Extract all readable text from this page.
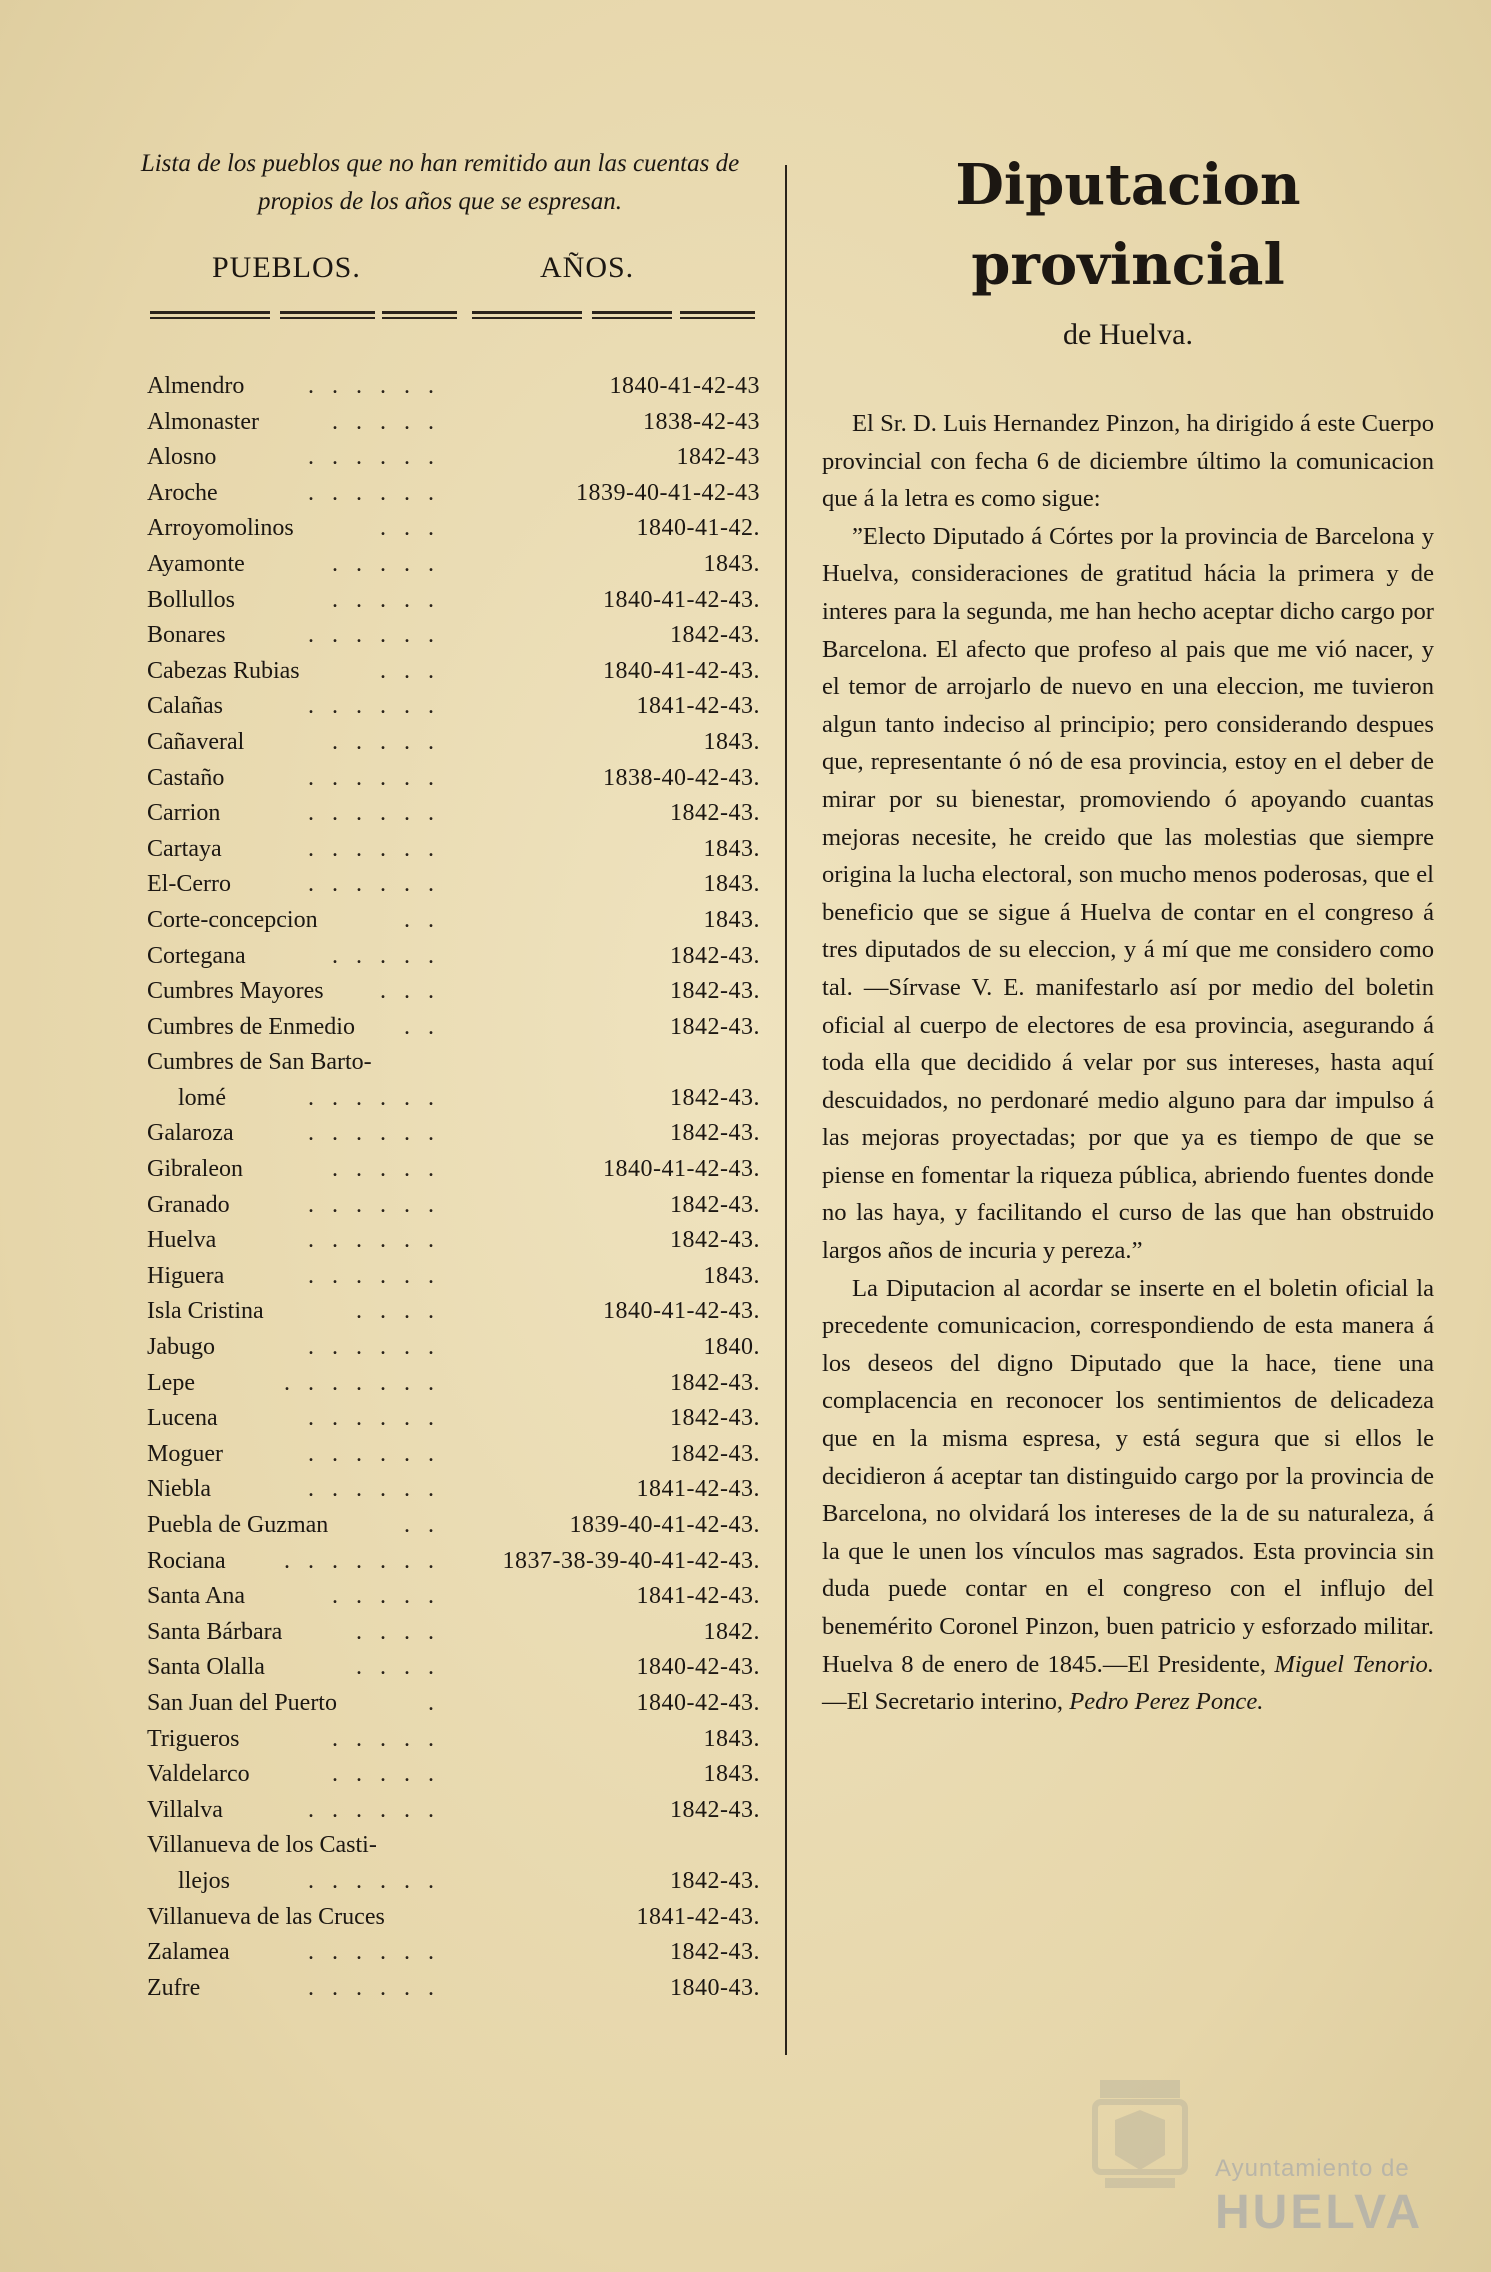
Lista de los pueblos que no han remitido aun las cuentas de propios de los años que se espresan.
PUEBLOS.	AÑOS.
. . . . . .
Almendro	1840-41-42-43
. . . . .
Almonaster	1838-42-43
. . . . . .
Alosno	1842-43
. . . . . .
Aroche	1839-40-41-42-43
. . .
Arroyomolinos	1840-41-42.
. . . . .
Ayamonte	1843.
. . . . .
Bollullos	1840-41-42-43.
. . . . . .
Bonares	1842-43.
. . .
Cabezas Rubias	1840-41-42-43.
. . . . . .
Calañas	1841-42-43.
. . . . .
Cañaveral	1843.
. . . . . .
Castaño	1838-40-42-43.
. . . . . .
Carrion	1842-43.
. . . . . .
Cartaya	1843.
. . . . . .
El-Cerro	1843.
. .
Corte-concepcion	1843.
. . . . .
Cortegana	1842-43.
. . .
Cumbres Mayores	1842-43.
. .
Cumbres de Enmedio	1842-43.
Cumbres de San Barto-
. . . . . .
lomé	1842-43.
. . . . . .
Galaroza	1842-43.
. . . . .
Gibraleon	1840-41-42-43.
. . . . . .
Granado	1842-43.
. . . . . .
Huelva	1842-43.
. . . . . .
Higuera	1843.
. . . .
Isla Cristina	1840-41-42-43.
. . . . . .
Jabugo	1840.
. . . . . . .
Lepe	1842-43.
. . . . . .
Lucena	1842-43.
. . . . . .
Moguer	1842-43.
. . . . . .
Niebla	1841-42-43.
. .
Puebla de Guzman	1839-40-41-42-43.
. . . . . . .
Rociana	1837-38-39-40-41-42-43.
. . . . .
Santa Ana	1841-42-43.
. . . .
Santa Bárbara	1842.
. . . .
Santa Olalla	1840-42-43.
.
San Juan del Puerto	1840-42-43.
. . . . .
Trigueros	1843.
. . . . .
Valdelarco	1843.
. . . . . .
Villalva	1842-43.
Villanueva de los Casti-
. . . . . .
llejos	1842-43.
Villanueva de las Cruces	1841-42-43.
. . . . . .
Zalamea	1842-43.
. . . . . .
Zufre	1840-43.
Diputacion provincial
de Huelva.

El Sr. D. Luis Hernandez Pinzon, ha dirigido á este Cuerpo provincial con fecha 6 de diciembre último la comunicacion que á la letra es como sigue:

”Electo Diputado á Córtes por la provincia de Barcelona y Huelva, consideraciones de gratitud hácia la primera y de interes para la segunda, me han hecho aceptar dicho cargo por Barcelona. El afecto que profeso al pais que me vió nacer, y el temor de arrojarlo de nuevo en una eleccion, me tuvieron algun tanto indeciso al principio; pero considerando despues que, representante ó nó de esa provincia, estoy en el deber de mirar por su bienestar, promoviendo ó apoyando cuantas mejoras necesite, he creido que las molestias que siempre origina la lucha electoral, son mucho menos poderosas, que el beneficio que se sigue á Huelva de contar en el congreso á tres diputados de su eleccion, y á mí que me considero como tal. —Sírvase V. E. manifestarlo así por medio del boletin oficial al cuerpo de electores de esa provincia, asegurando á toda ella que decidido á velar por sus intereses, hasta aquí descuidados, no perdonaré medio alguno para dar impulso á las mejoras proyectadas; por que ya es tiempo de que se piense en fomentar la riqueza pública, abriendo fuentes donde no las haya, y facilitando el curso de las que han obstruido largos años de incuria y pereza.”

La Diputacion al acordar se inserte en el boletin oficial la precedente comunicacion, correspondiendo de esta manera á los deseos del digno Diputado que la hace, tiene una complacencia en reconocer los sentimientos de delicadeza que en la misma espresa, y está segura que si ellos le decidieron á aceptar tan distinguido cargo por la provincia de Barcelona, no olvidará los intereses de la de su naturaleza, á la que le unen los vínculos mas sagrados. Esta provincia sin duda puede contar en el congreso con el influjo del benemérito Coronel Pinzon, buen patricio y esforzado militar. Huelva 8 de enero de 1845.—El Presidente, Miguel Tenorio.—El Secretario interino, Pedro Perez Ponce.

Ayuntamiento de
HUELVA
